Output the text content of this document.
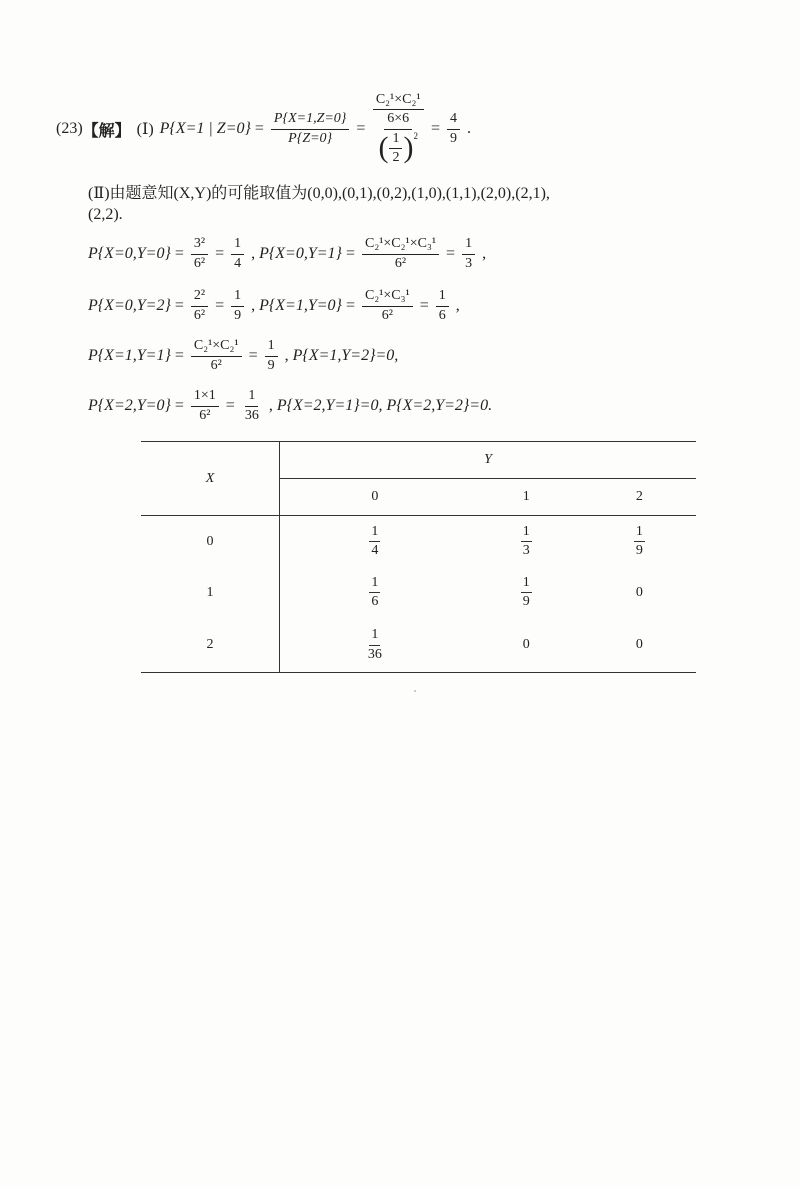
(23) 【解】 (Ⅰ) P{X=1 | $Z=0\} = \frac{P\{X=1,Z=0\}}{P\{Z=0\}}$ =
C₂¹×C₂¹
6×6
( $\frac{1}{2} )^2 = \frac{4}{9}$ .
(Ⅱ)由题意知(X,Y)的可能取值为(0,0),(0,1),(0,2),(1,0),(1,1),(2,0),(2,1),
(2,2).
$P\{X=0,Y=0\} = \frac{\text{3²}}{\text{6²}} = \frac{1}{4}$ , $P\{X=0,Y=1\} = \frac{\text{C₂¹×C₂¹×C₃¹}}{\text{6²}} = \frac{1}{3}$ ,
$P\{X=0,Y=2\} = \frac{\text{2²}}{\text{6²}} = \frac{1}{9}$ , $P\{X=1,Y=0\} = \frac{\text{C₂¹×C₃¹}}{\text{6²}} = \frac{1}{6}$ ,
$P\{X=1,Y=1\} = \frac{\text{C₂¹×C₂¹}}{\text{6²}} = \frac{1}{9}$ , P{X=1,Y=2}=0,
$P\{X=2,Y=0\} = \frac{1\times 1}{\text{6²}} = \frac{1}{36}$ , P{X=2,Y=1}=0,
P{X=2,Y=2}=0.
X	Y		
	0	1	2
0	$\frac{1}{4}$	$\frac{1}{3}$	$\frac{1}{9}$

1	$\frac{1}{6}$	$\frac{1}{9}$	0
2	$\frac{1}{36}$	0	0
